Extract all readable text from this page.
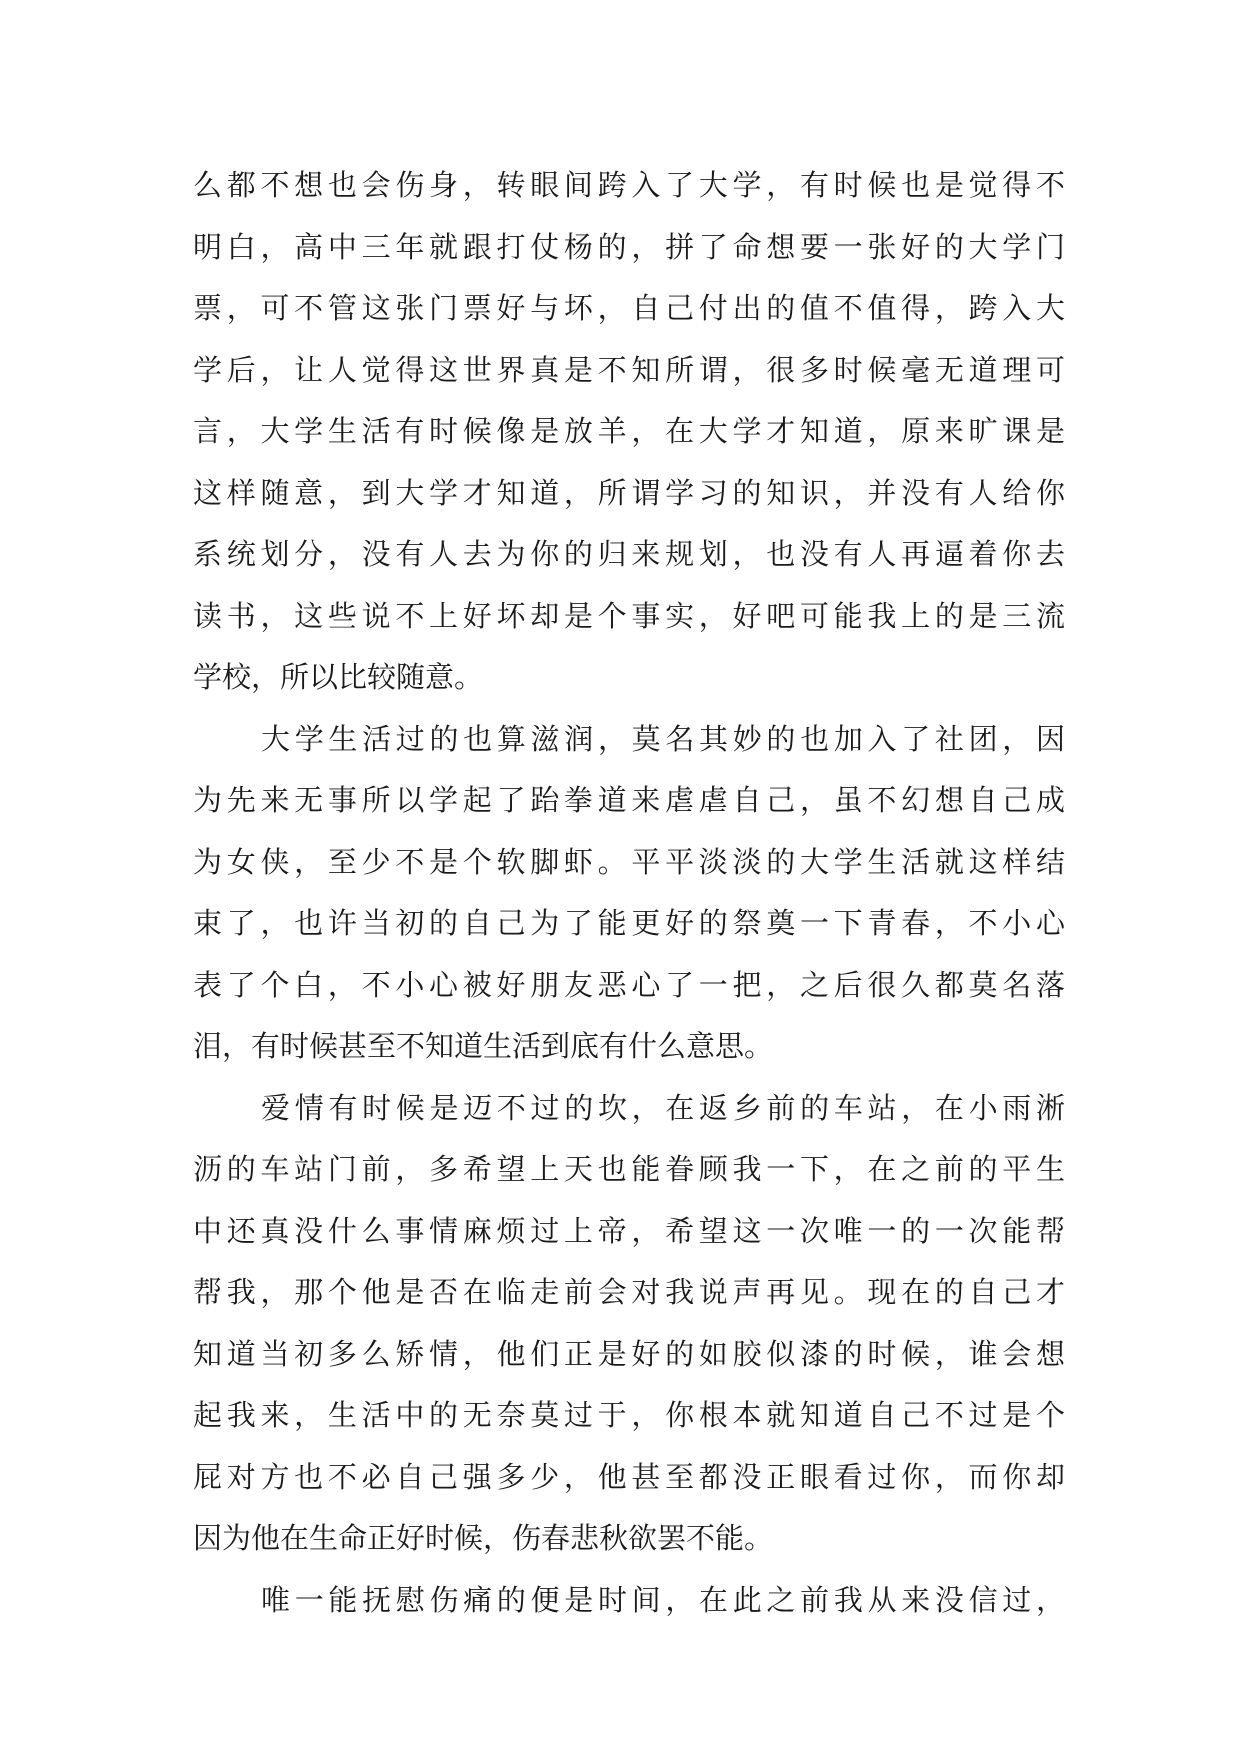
么都不想也会伤身，转眼间跨入了大学，有时候也是觉得不
明白，高中三年就跟打仗杨的，拼了命想要一张好的大学门
票，可不管这张门票好与坏，自己付出的值不值得，跨入大
学后，让人觉得这世界真是不知所谓，很多时候毫无道理可
言，大学生活有时候像是放羊，在大学才知道，原来旷课是
这样随意，到大学才知道，所谓学习的知识，并没有人给你
系统划分，没有人去为你的归来规划，也没有人再逼着你去
读书，这些说不上好坏却是个事实，好吧可能我上的是三流
学校，所以比较随意。
大学生活过的也算滋润，莫名其妙的也加入了社团，因
为先来无事所以学起了跆拳道来虐虐自己，虽不幻想自己成
为女侠，至少不是个软脚虾。平平淡淡的大学生活就这样结
束了，也许当初的自己为了能更好的祭奠一下青春，不小心
表了个白，不小心被好朋友恶心了一把，之后很久都莫名落
泪，有时候甚至不知道生活到底有什么意思。
爱情有时候是迈不过的坎，在返乡前的车站，在小雨淅
沥的车站门前，多希望上天也能眷顾我一下，在之前的平生
中还真没什么事情麻烦过上帝，希望这一次唯一的一次能帮
帮我，那个他是否在临走前会对我说声再见。现在的自己才
知道当初多么矫情，他们正是好的如胶似漆的时候，谁会想
起我来，生活中的无奈莫过于，你根本就知道自己不过是个
屁对方也不必自己强多少，他甚至都没正眼看过你，而你却
因为他在生命正好时候，伤春悲秋欲罢不能。
唯一能抚慰伤痛的便是时间，在此之前我从来没信过，
